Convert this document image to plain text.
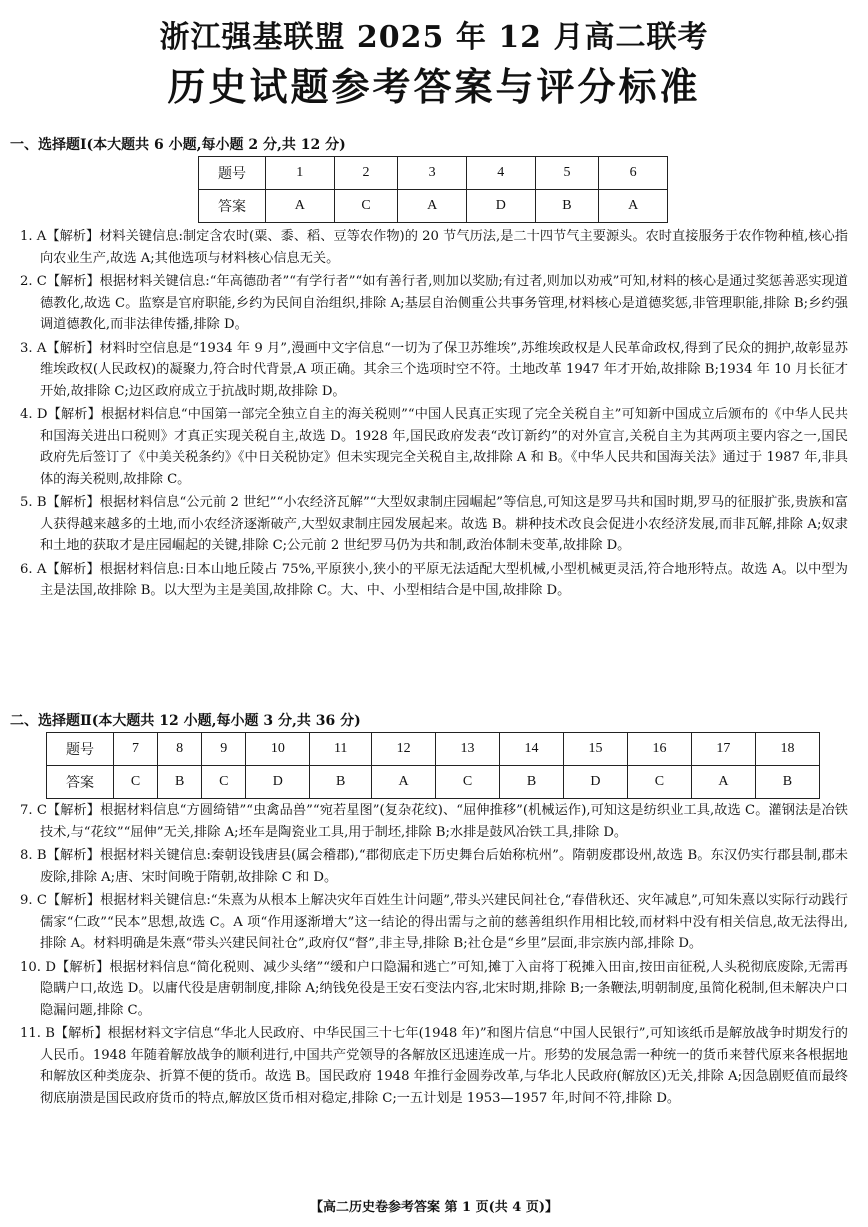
浙江强基联盟 2025 年 12 月高二联考
历史试题参考答案与评分标准
一、选择题Ⅰ(本大题共 6 小题,每小题 2 分,共 12 分)
题号	1	2	3	4	5	6
答案	A	C	A	D	B	A

1. A【解析】材料关键信息:制定含农时(粟、黍、稻、豆等农作物)的 20 节气历法,是二十四节气主要源头。农时直接服务于农作物种植,核心指向农业生产,故选 A;其他选项与材料核心信息无关。

2. C【解析】根据材料关键信息:“年高德劭者”“有学行者”“如有善行者,则加以奖励;有过者,则加以劝戒”可知,材料的核心是通过奖惩善恶实现道德教化,故选 C。监察是官府职能,乡约为民间自治组织,排除 A;基层自治侧重公共事务管理,材料核心是道德奖惩,非管理职能,排除 B;乡约强调道德教化,而非法律传播,排除 D。

3. A【解析】材料时空信息是“1934 年 9 月”,漫画中文字信息“一切为了保卫苏维埃”,苏维埃政权是人民革命政权,得到了民众的拥护,故彰显苏维埃政权(人民政权)的凝聚力,符合时代背景,A 项正确。其余三个选项时空不符。土地改革 1947 年才开始,故排除 B;1934 年 10 月长征才开始,故排除 C;边区政府成立于抗战时期,故排除 D。

4. D【解析】根据材料信息“中国第一部完全独立自主的海关税则”“中国人民真正实现了完全关税自主”可知新中国成立后颁布的《中华人民共和国海关进出口税则》才真正实现关税自主,故选 D。1928 年,国民政府发表“改订新约”的对外宣言,关税自主为其两项主要内容之一,国民政府先后签订了《中美关税条约》《中日关税协定》但未实现完全关税自主,故排除 A 和 B。《中华人民共和国海关法》通过于 1987 年,非具体的海关税则,故排除 C。

5. B【解析】根据材料信息“公元前 2 世纪”“小农经济瓦解”“大型奴隶制庄园崛起”等信息,可知这是罗马共和国时期,罗马的征服扩张,贵族和富人获得越来越多的土地,而小农经济逐渐破产,大型奴隶制庄园发展起来。故选 B。耕种技术改良会促进小农经济发展,而非瓦解,排除 A;奴隶和土地的获取才是庄园崛起的关键,排除 C;公元前 2 世纪罗马仍为共和制,政治体制未变革,故排除 D。

6. A【解析】根据材料信息:日本山地丘陵占 75%,平原狭小,狭小的平原无法适配大型机械,小型机械更灵活,符合地形特点。故选 A。以中型为主是法国,故排除 B。以大型为主是美国,故排除 C。大、中、小型相结合是中国,故排除 D。

二、选择题Ⅱ(本大题共 12 小题,每小题 3 分,共 36 分)
题号	7	8	9	10	11	12	13	14	15	16	17	18
答案	C	B	C	D	B	A	C	B	D	C	A	B

7. C【解析】根据材料信息“方圆绮错”“虫禽品兽”“宛若星图”(复杂花纹)、“屈伸推移”(机械运作),可知这是纺织业工具,故选 C。灌钢法是冶铁技术,与“花纹”“屈伸”无关,排除 A;坯车是陶瓷业工具,用于制坯,排除 B;水排是鼓风冶铁工具,排除 D。

8. B【解析】根据材料关键信息:秦朝设钱唐县(属会稽郡),“郡彻底走下历史舞台后始称杭州”。隋朝废郡设州,故选 B。东汉仍实行郡县制,郡未废除,排除 A;唐、宋时间晚于隋朝,故排除 C 和 D。

9. C【解析】根据材料关键信息:“朱熹为从根本上解决灾年百姓生计问题”,带头兴建民间社仓,“春借秋还、灾年减息”,可知朱熹以实际行动践行儒家“仁政”“民本”思想,故选 C。A 项“作用逐渐增大”这一结论的得出需与之前的慈善组织作用相比较,而材料中没有相关信息,故无法得出,排除 A。材料明确是朱熹“带头兴建民间社仓”,政府仅“督”,非主导,排除 B;社仓是“乡里”层面,非宗族内部,排除 D。

10. D【解析】根据材料信息“简化税则、减少头绪”“缓和户口隐漏和逃亡”可知,摊丁入亩将丁税摊入田亩,按田亩征税,人头税彻底废除,无需再隐瞒户口,故选 D。以庸代役是唐朝制度,排除 A;纳钱免役是王安石变法内容,北宋时期,排除 B;一条鞭法,明朝制度,虽简化税制,但未解决户口隐漏问题,排除 C。

11. B【解析】根据材料文字信息“华北人民政府、中华民国三十七年(1948 年)”和图片信息“中国人民银行”,可知该纸币是解放战争时期发行的人民币。1948 年随着解放战争的顺利进行,中国共产党领导的各解放区迅速连成一片。形势的发展急需一种统一的货币来替代原来各根据地和解放区种类庞杂、折算不便的货币。故选 B。国民政府 1948 年推行金圆券改革,与华北人民政府(解放区)无关,排除 A;因急剧贬值而最终彻底崩溃是国民政府货币的特点,解放区货币相对稳定,排除 C;一五计划是 1953—1957 年,时间不符,排除 D。

【高二历史卷参考答案 第 1 页(共 4 页)】
